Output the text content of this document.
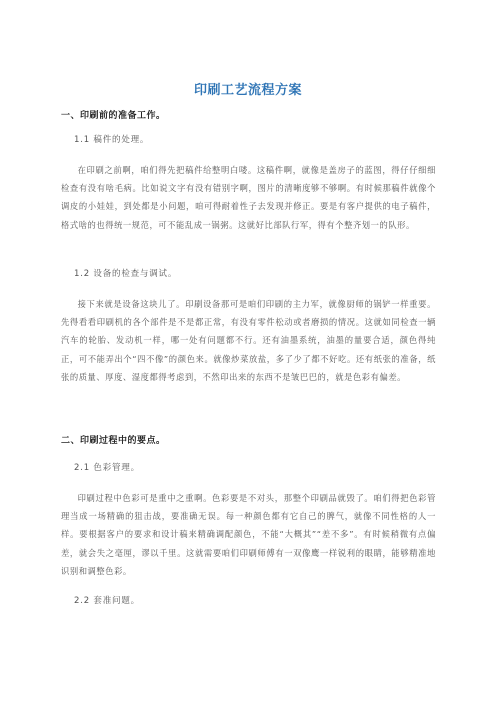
印刷工艺流程方案
一、印刷前的准备工作。
1.1 稿件的处理。

在印刷之前啊，咱们得先把稿件给整明白喽。这稿件啊，就像是盖房子的蓝图，得仔仔细细检查有没有啥毛病。比如说文字有没有错别字啊，图片的清晰度够不够啊。有时候那稿件就像个调皮的小娃娃，到处都是小问题，咱可得耐着性子去发现并修正。要是有客户提供的电子稿件，格式啥的也得统一规范，可不能乱成一锅粥。这就好比部队行军，得有个整齐划一的队形。

1.2 设备的检查与调试。

接下来就是设备这块儿了。印刷设备那可是咱们印刷的主力军，就像厨师的锅铲一样重要。先得看看印刷机的各个部件是不是都正常，有没有零件松动或者磨损的情况。这就如同检查一辆汽车的轮胎、发动机一样，哪一处有问题都不行。还有油墨系统，油墨的量要合适，颜色得纯正，可不能弄出个“四不像”的颜色来。就像炒菜放盐，多了少了都不好吃。还有纸张的准备，纸张的质量、厚度、湿度都得考虑到，不然印出来的东西不是皱巴巴的，就是色彩有偏差。

二、印刷过程中的要点。
2.1 色彩管理。

印刷过程中色彩可是重中之重啊。色彩要是不对头，那整个印刷品就毁了。咱们得把色彩管理当成一场精确的狙击战，要准确无误。每一种颜色都有它自己的脾气，就像不同性格的人一样。要根据客户的要求和设计稿来精确调配颜色，不能“大概其”“差不多”。有时候稍微有点偏差，就会失之毫厘，谬以千里。这就需要咱们印刷师傅有一双像鹰一样锐利的眼睛，能够精准地识别和调整色彩。

2.2 套准问题。
